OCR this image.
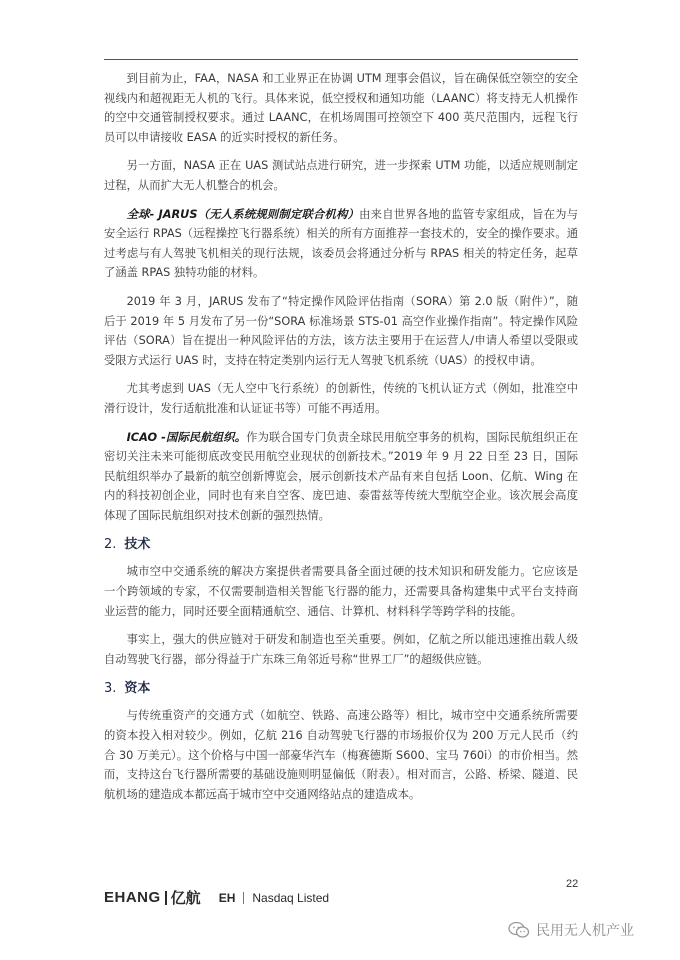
到目前为止，FAA，NASA 和工业界正在协调 UTM 理事会倡议，旨在确保低空领空的安全视线内和超视距无人机的飞行。具体来说，低空授权和通知功能（LAANC）将支持无人机操作的空中交通管制授权要求。通过 LAANC，在机场周围可控领空下 400 英尺范围内，远程飞行员可以申请接收 EASA 的近实时授权的新任务。

另一方面，NASA 正在 UAS 测试站点进行研究，进一步探索 UTM 功能，以适应规则制定过程，从而扩大无人机整合的机会。

全球- JARUS（无人系统规则制定联合机构）由来自世界各地的监管专家组成，旨在为与安全运行 RPAS（远程操控飞行器系统）相关的所有方面推荐一套技术的，安全的操作要求。通过考虑与有人驾驶飞机相关的现行法规，该委员会将通过分析与 RPAS 相关的特定任务，起草了涵盖 RPAS 独特功能的材料。

2019 年 3 月，JARUS 发布了“特定操作风险评估指南（SORA）第 2.0 版（附件）”，随后于 2019 年 5 月发布了另一份“SORA 标准场景 STS-01 高空作业操作指南”。特定操作风险评估（SORA）旨在提出一种风险评估的方法，该方法主要用于在运营人/申请人希望以受限或受限方式运行 UAS 时，支持在特定类别内运行无人驾驶飞机系统（UAS）的授权申请。

尤其考虑到 UAS（无人空中飞行系统）的创新性，传统的飞机认证方式（例如，批准空中滑行设计，发行适航批准和认证证书等）可能不再适用。

ICAO -国际民航组织。作为联合国专门负责全球民用航空事务的机构，国际民航组织正在密切关注未来可能彻底改变民用航空业现状的创新技术。”2019 年 9 月 22 日至 23 日，国际民航组织举办了最新的航空创新博览会，展示创新技术产品有来自包括 Loon、亿航、Wing 在内的科技初创企业，同时也有来自空客、庞巴迪、泰雷兹等传统大型航空企业。该次展会高度体现了国际民航组织对技术创新的强烈热情。

2. 技术

城市空中交通系统的解决方案提供者需要具备全面过硬的技术知识和研发能力。它应该是一个跨领域的专家，不仅需要制造相关智能飞行器的能力，还需要具备构建集中式平台支持商业运营的能力，同时还要全面精通航空、通信、计算机、材料科学等跨学科的技能。

事实上，强大的供应链对于研发和制造也至关重要。例如，亿航之所以能迅速推出载人级自动驾驶飞行器，部分得益于广东珠三角邻近号称“世界工厂”的超级供应链。

3. 资本

与传统重资产的交通方式（如航空、铁路、高速公路等）相比，城市空中交通系统所需要的资本投入相对较少。例如，亿航 216 自动驾驶飞行器的市场报价仅为 200 万元人民币（约合 30 万美元）。这个价格与中国一部豪华汽车（梅赛德斯 S600、宝马 760i）的市价相当。然而，支持这台飞行器所需要的基础设施则明显偏低（附表）。相对而言，公路、桥梁、隧道、民航机场的建造成本都远高于城市空中交通网络站点的建造成本。

EHANG 亿航 EH Nasdaq Listed
22
民用无人机产业
